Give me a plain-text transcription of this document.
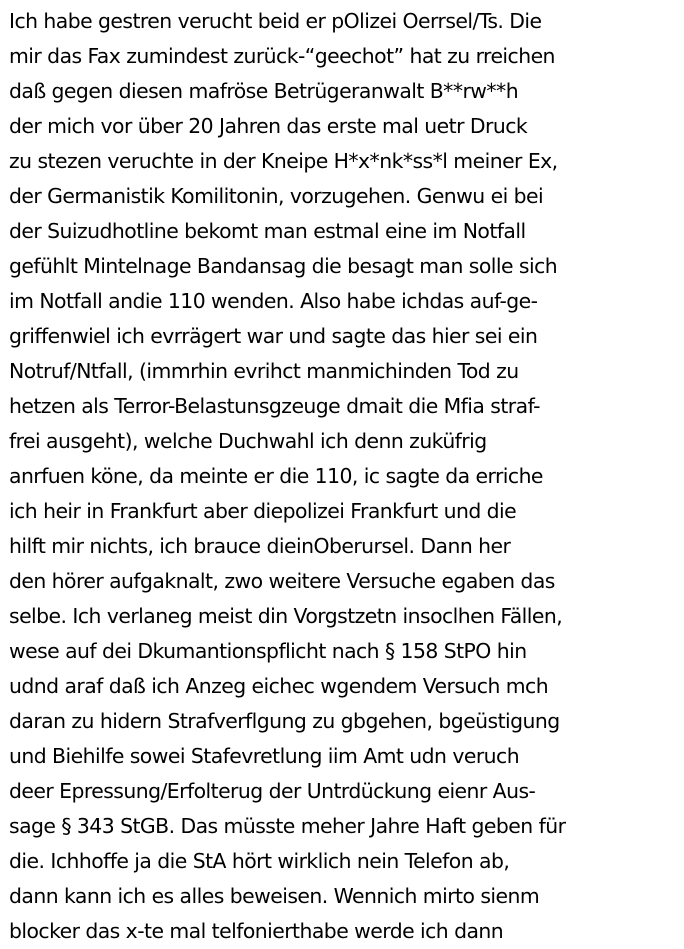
Ich habe gestren verucht beid er pOlizei Oerrsel/Ts. Die
mir das Fax zumindest zurück-“geechot” hat zu rreichen
daß gegen diesen mafröse Betrügeranwalt B**rw**h
der mich vor über 20 Jahren das erste mal uetr Druck
zu stezen veruchte in der Kneipe H*x*nk*ss*l meiner Ex,
der Germanistik Komilitonin, vorzugehen. Genwu ei bei
der Suizudhotline bekomt man estmal eine im Notfall
gefühlt Mintelnage Bandansag die besagt man solle sich
im Notfall andie 110 wenden. Also habe ichdas auf-ge-
griffenwiel ich evrrägert war und sagte das hier sei ein
Notruf/Ntfall, (immrhin evrihct manmichinden Tod zu
hetzen als Terror-Belastunsgzeuge dmait die Mfia straf-
frei ausgeht), welche Duchwahl ich denn zuküfrig
anrfuen köne, da meinte er die 110, ic sagte da erriche
ich heir in Frankfurt aber diepolizei Frankfurt und die
hilft mir nichts, ich brauce dieinOberursel. Dann her
den hörer aufgaknalt, zwo weitere Versuche egaben das
selbe. Ich verlaneg meist din Vorgstzetn insoclhen Fällen,
wese auf dei Dkumantionspflicht nach § 158 StPO hin
udnd araf daß ich Anzeg eichec wgendem Versuch mch
daran zu hidern Strafverflgung zu gbgehen, bgeüstigung
und Biehilfe sowei Stafevretlung iim Amt udn veruch
deer Epressung/Erfolterug der Untrdückung eienr Aus-
sage § 343 StGB. Das müsste meher Jahre Haft geben für
die. Ichhoffe ja die StA hört wirklich nein Telefon ab,
dann kann ich es alles beweisen. Wennich mirto sienm
blocker das x-te mal telfonierthabe werde ich dann
